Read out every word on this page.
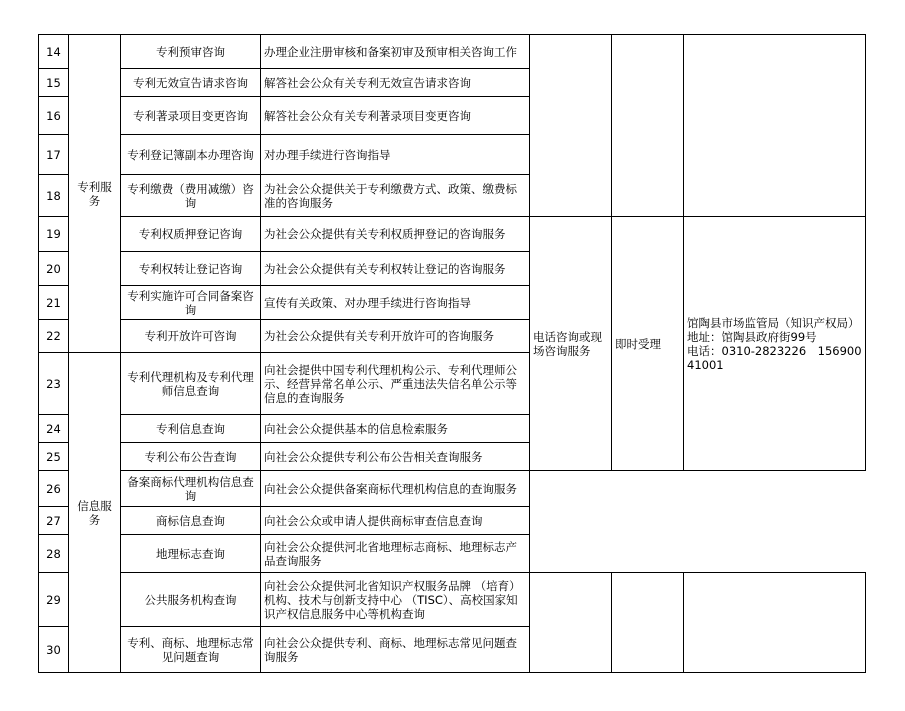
14	专利服务	专利预审咨询	办理企业注册审核和备案初审及预审相关咨询工作			
15		专利无效宣告请求咨询	解答社会公众有关专利无效宣告请求咨询			
16		专利著录项目变更咨询	解答社会公众有关专利著录项目变更咨询			
17		专利登记簿副本办理咨询	对办理手续进行咨询指导			
18		专利缴费（费用减缴）咨询	为社会公众提供关于专利缴费方式、政策、缴费标准的咨询服务			
19		专利权质押登记咨询	为社会公众提供有关专利权质押登记的咨询服务	电话咨询或现场咨询服务	即时受理	馆陶县市场监管局（知识产权局）　　地址：馆陶县政府街99号　　　　　电话：0310-2823226　15690041001
20		专利权转让登记咨询	为社会公众提供有关专利权转让登记的咨询服务			
21		专利实施许可合同备案咨询	宣传有关政策、对办理手续进行咨询指导			
22		专利开放许可咨询	为社会公众提供有关专利开放许可的咨询服务			
23	信息服务	专利代理机构及专利代理师信息查询	向社会提供中国专利代理机构公示、专利代理师公示、经营异常名单公示、严重违法失信名单公示等信息的查询服务			
24		专利信息查询	向社会公众提供基本的信息检索服务			
25		专利公布公告查询	向社会公众提供专利公布公告相关查询服务			
26		备案商标代理机构信息查询	向社会公众提供备案商标代理机构信息的查询服务			
27		商标信息查询	向社会公众或申请人提供商标审查信息查询			
28		地理标志查询	向社会公众提供河北省地理标志商标、地理标志产品查询服务			
29		公共服务机构查询	向社会公众提供河北省知识产权服务品牌 （培育）机构、技术与创新支持中心 （TISC）、高校国家知识产权信息服务中心等机构查询			
30		专利、商标、地理标志常见问题查询	向社会公众提供专利、商标、地理标志常见问题查询服务			
